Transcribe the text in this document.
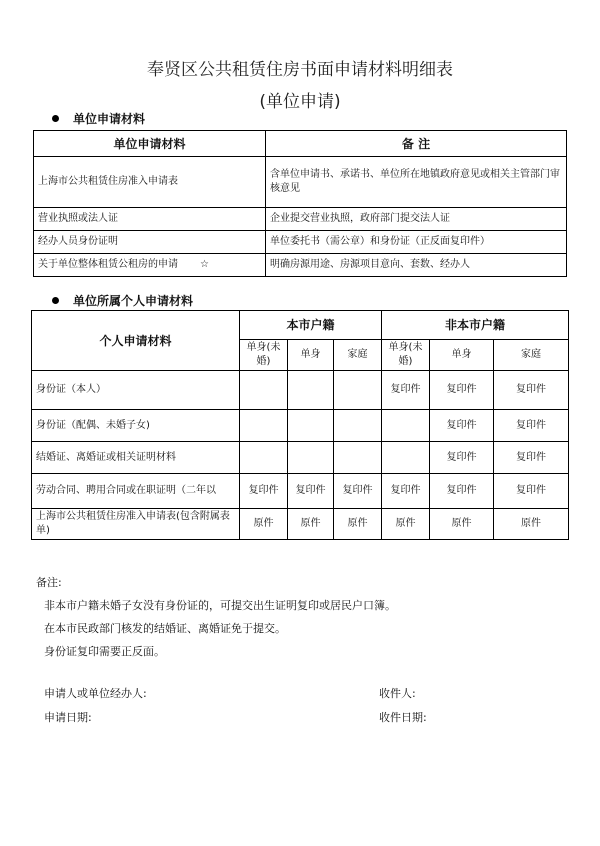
奉贤区公共租赁住房书面申请材料明细表
(单位申请)
单位申请材料
单位申请材料	备 注
上海市公共租赁住房准入申请表	含单位申请书、承诺书、单位所在地镇政府意见或相关主管部门审核意见
营业执照或法人证	企业提交营业执照，政府部门提交法人证
经办人员身份证明	单位委托书（需公章）和身份证（正反面复印件）
关于单位整体租赁公租房的申请 ☆	明确房源用途、房源项目意向、套数、经办人
单位所属个人申请材料
个人申请材料	本市户籍			非本市户籍		
	单身(未婚)	单身	家庭	单身(未婚)	单身	家庭
身份证（本人）				复印件	复印件	复印件
身份证（配偶、未婚子女)					复印件	复印件
结婚证、离婚证或相关证明材料					复印件	复印件
劳动合同、聘用合同或在职证明（二年以	复印件	复印件	复印件	复印件	复印件	复印件
上海市公共租赁住房准入申请表(包含附属表单)	原件	原件	原件	原件	原件	原件
备注:
非本市户籍未婚子女没有身份证的，可提交出生证明复印或居民户口簿。
在本市民政部门核发的结婚证、离婚证免于提交。
身份证复印需要正反面。
申请人或单位经办人:	收件人:
申请日期:	收件日期:
